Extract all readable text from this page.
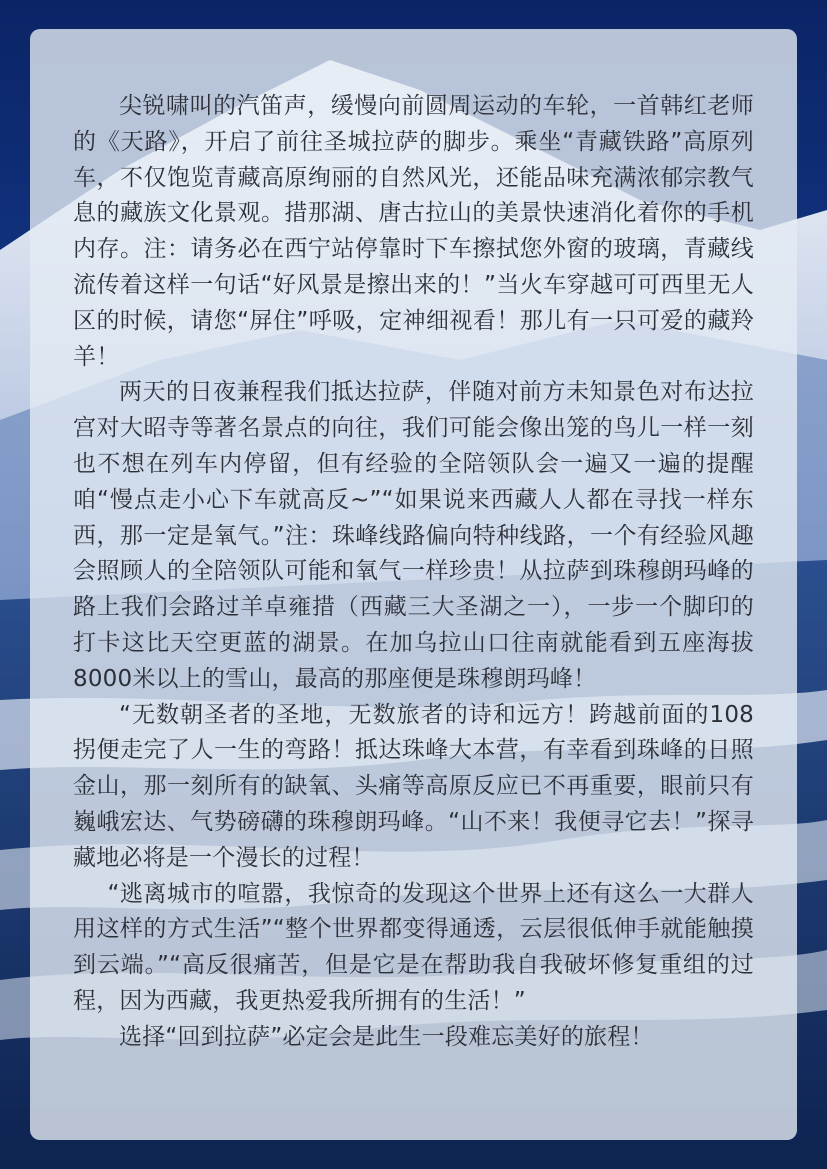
尖锐啸叫的汽笛声，缓慢向前圆周运动的车轮，一首韩红老师的《天路》，开启了前往圣城拉萨的脚步。乘坐“青藏铁路”高原列车，不仅饱览青藏高原绚丽的自然风光，还能品味充满浓郁宗教气息的藏族文化景观。措那湖、唐古拉山的美景快速消化着你的手机内存。注：请务必在西宁站停靠时下车擦拭您外窗的玻璃，青藏线流传着这样一句话“好风景是擦出来的！”当火车穿越可可西里无人区的时候，请您“屏住”呼吸，定神细视看！那儿有一只可爱的藏羚羊！

两天的日夜兼程我们抵达拉萨，伴随对前方未知景色对布达拉宫对大昭寺等著名景点的向往，我们可能会像出笼的鸟儿一样一刻也不想在列车内停留，但有经验的全陪领队会一遍又一遍的提醒咱“慢点走小心下车就高反~”“如果说来西藏人人都在寻找一样东西，那一定是氧气。”注：珠峰线路偏向特种线路，一个有经验风趣会照顾人的全陪领队可能和氧气一样珍贵！从拉萨到珠穆朗玛峰的路上我们会路过羊卓雍措（西藏三大圣湖之一），一步一个脚印的打卡这比天空更蓝的湖景。在加乌拉山口往南就能看到五座海拔8000米以上的雪山，最高的那座便是珠穆朗玛峰！

“无数朝圣者的圣地，无数旅者的诗和远方！跨越前面的108拐便走完了人一生的弯路！抵达珠峰大本营，有幸看到珠峰的日照金山，那一刻所有的缺氧、头痛等高原反应已不再重要，眼前只有巍峨宏达、气势磅礴的珠穆朗玛峰。“山不来！我便寻它去！”探寻藏地必将是一个漫长的过程！

“逃离城市的喧嚣，我惊奇的发现这个世界上还有这么一大群人用这样的方式生活”“整个世界都变得通透，云层很低伸手就能触摸到云端。”“高反很痛苦，但是它是在帮助我自我破坏修复重组的过程，因为西藏，我更热爱我所拥有的生活！”

选择“回到拉萨”必定会是此生一段难忘美好的旅程！
